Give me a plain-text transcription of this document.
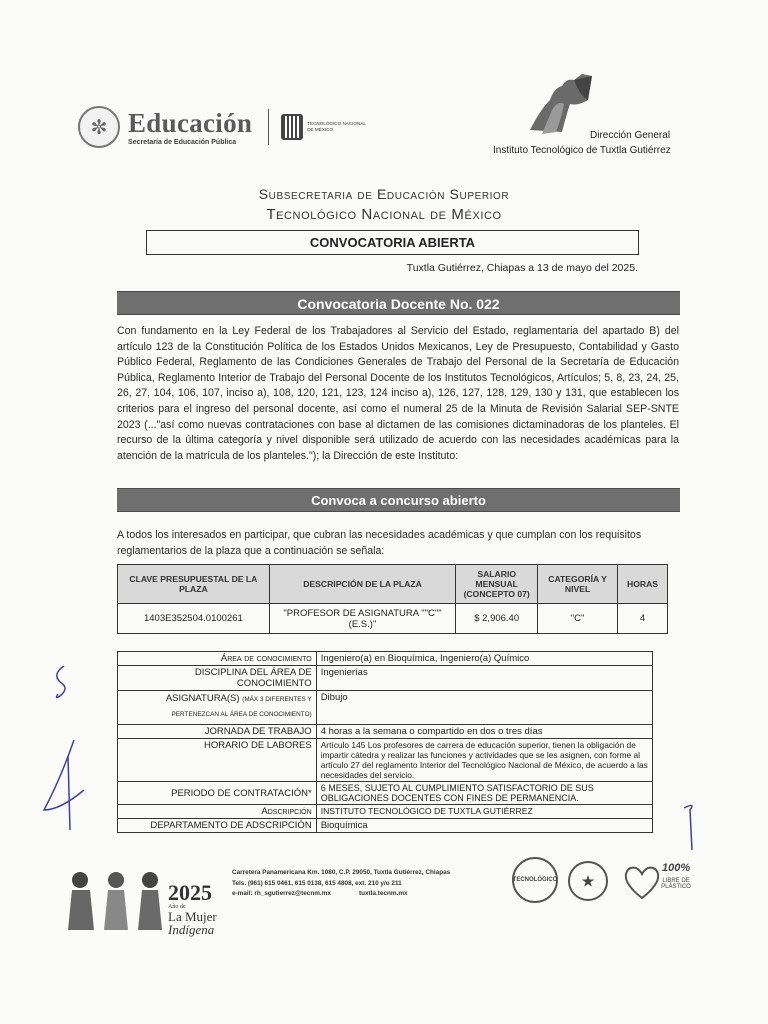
✼ Educación
Secretaría de Educación Pública
TECNOLÓGICO NACIONAL DE MÉXICO
Dirección General
Instituto Tecnológico de Tuxtla Gutiérrez
Subsecretaria de Educación Superior
Tecnológico Nacional de México
CONVOCATORIA ABIERTA
Tuxtla Gutiérrez, Chiapas a 13 de mayo del 2025.
Convocatoria Docente No. 022
Con fundamento en la Ley Federal de los Trabajadores al Servicio del Estado, reglamentaria del apartado B) del artículo 123 de la Constitución Política de los Estados Unidos Mexicanos, Ley de Presupuesto, Contabilidad y Gasto Público Federal, Reglamento de las Condiciones Generales de Trabajo del Personal de la Secretaría de Educación Pública, Reglamento Interior de Trabajo del Personal Docente de los Institutos Tecnológicos, Artículos; 5, 8, 23, 24, 25, 26, 27, 104, 106, 107, inciso a), 108, 120, 121, 123, 124 inciso a), 126, 127, 128, 129, 130 y 131, que establecen los criterios para el ingreso del personal docente, así como el numeral 25 de la Minuta de Revisión Salarial SEP-SNTE 2023 (..."así como nuevas contrataciones con base al dictamen de las comisiones dictaminadoras de los planteles. El recurso de la última categoría y nivel disponible será utilizado de acuerdo con las necesidades académicas para la atención de la matrícula de los planteles."); la Dirección de este Instituto:
Convoca a concurso abierto
A todos los interesados en participar, que cubran las necesidades académicas y que cumplan con los requisitos reglamentarios de la plaza que a continuación se señala:
CLAVE PRESUPUESTAL DE LA PLAZA	DESCRIPCIÓN DE LA PLAZA	SALARIO MENSUAL (CONCEPTO 07)	CATEGORÍA Y NIVEL	HORAS
1403E352504.0100261	"PROFESOR DE ASIGNATURA ""C"" (E.S.)"	$ 2,906.40	"C"	4
Área de conocimiento	Ingeniero(a) en Bioquímica, Ingeniero(a) Químico
DISCIPLINA DEL ÁREA DE CONOCIMIENTO	Ingenierías
ASIGNATURA(S) (MÁX 3 DIFERENTES Y
PERTENEZCAN AL ÁREA DE CONOCIMIENTO)	Dibujo
JORNADA DE TRABAJO	4 horas a la semana o compartido en dos o tres días
HORARIO DE LABORES	Artículo 145 Los profesores de carrera de educación superior, tienen la obligación de impartir cátedra y realizar las funciones y actividades que se les asignen, con forme al artículo 27 del reglamento Interior del Tecnológico Nacional de México, de acuerdo a las necesidades del servicio.
PERIODO DE CONTRATACIÓN*	6 MESES, SUJETO AL CUMPLIMIENTO SATISFACTORIO DE SUS OBLIGACIONES DOCENTES CON FINES DE PERMANENCIA.
Adscripción	INSTITUTO TECNOLÓGICO DE TUXTLA GUTIÉRREZ
DEPARTAMENTO DE ADSCRIPCIÓN	Bioquímica
2025
Año de
La Mujer
Indígena
Carretera Panamericana Km. 1080, C.P. 29050, Tuxtla Gutiérrez, Chiapas
Tels. (961) 615 0461, 615 0138, 615 4808, ext. 210 y/o 211
e-mail: rh_sgutierrez@tecnm.mx	tuxtla.tecnm.mx
TECNOLÓGICO	★
100%
LIBRE DE PLÁSTICO
